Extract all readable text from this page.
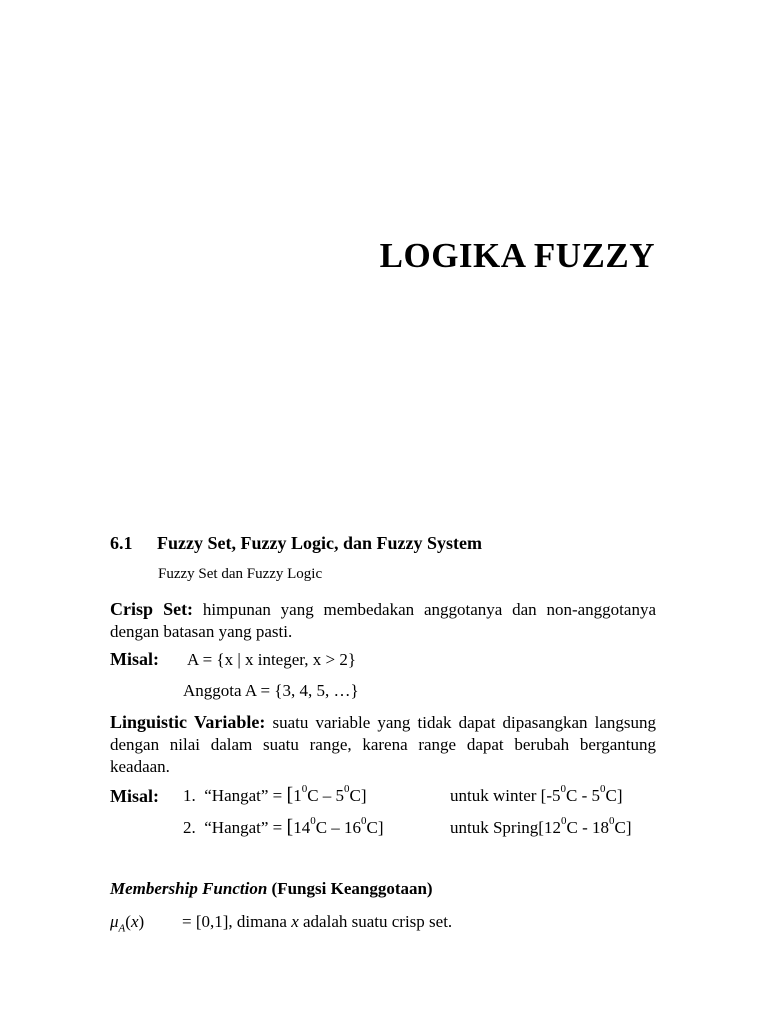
LOGIKA FUZZY
6.1 Fuzzy Set, Fuzzy Logic, dan Fuzzy System
Fuzzy Set dan Fuzzy Logic
Crisp Set: himpunan yang membedakan anggotanya dan non-anggotanya dengan batasan yang pasti.
Misal: A = {x | x integer, x > 2}
Anggota A = {3, 4, 5, …}
Linguistic Variable: suatu variable yang tidak dapat dipasangkan langsung dengan nilai dalam suatu range, karena range dapat berubah bergantung keadaan.
Misal: 1. “Hangat” = $[1^0C - 5^0C]$	untuk winter $[-5^0C - 5^0C]$
2. “Hangat” = $[14^0C - 16^0C]$	untuk $Spring[12^0C - 18^0C]$
Membership Function (Fungsi Keanggotaan)
$\mu_A(x) = [0,1]$, dimana x adalah suatu crisp set.
